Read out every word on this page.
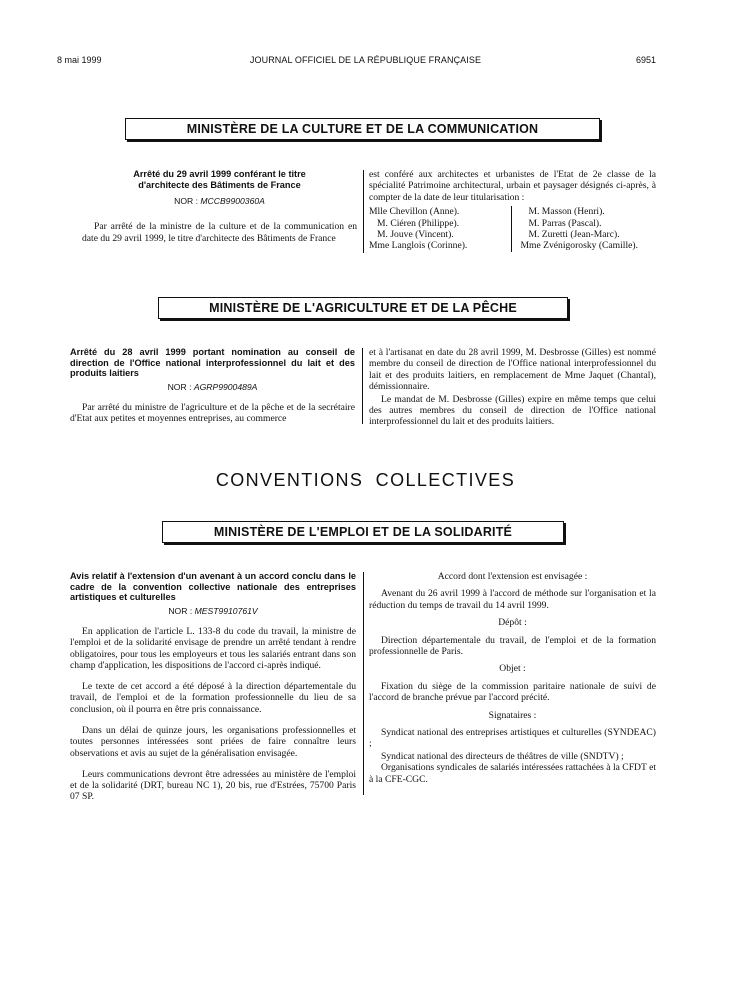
8 mai 1999	JOURNAL OFFICIEL DE LA RÉPUBLIQUE FRANÇAISE	6951
MINISTÈRE DE LA CULTURE ET DE LA COMMUNICATION
Arrêté du 29 avril 1999 conférant le titre
d'architecte des Bâtiments de France
NOR : MCCB9900360A
Par arrêté de la ministre de la culture et de la communication en date du 29 avril 1999, le titre d'architecte des Bâtiments de France
est conféré aux architectes et urbanistes de l'Etat de 2e classe de la spécialité Patrimoine architectural, urbain et paysager désignés ci-après, à compter de la date de leur titularisation :
Mlle Chevillon (Anne).
M. Ciéren (Philippe).
M. Jouve (Vincent).
Mme Langlois (Corinne).
M. Masson (Henri).
M. Parras (Pascal).
M. Zuretti (Jean-Marc).
Mme Zvénigorosky (Camille).
MINISTÈRE DE L'AGRICULTURE ET DE LA PÊCHE
Arrêté du 28 avril 1999 portant nomination au conseil de direction de l'Office national interprofessionnel du lait et des produits laitiers
NOR : AGRP9900489A
Par arrêté du ministre de l'agriculture et de la pêche et de la secrétaire d'Etat aux petites et moyennes entreprises, au commerce
et à l'artisanat en date du 28 avril 1999, M. Desbrosse (Gilles) est nommé membre du conseil de direction de l'Office national interprofessionnel du lait et des produits laitiers, en remplacement de Mme Jaquet (Chantal), démissionnaire.
Le mandat de M. Desbrosse (Gilles) expire en même temps que celui des autres membres du conseil de direction de l'Office national interprofessionnel du lait et des produits laitiers.
CONVENTIONS COLLECTIVES
MINISTÈRE DE L'EMPLOI ET DE LA SOLIDARITÉ
Avis relatif à l'extension d'un avenant à un accord conclu dans le cadre de la convention collective nationale des entreprises artistiques et culturelles
NOR : MEST9910761V

En application de l'article L. 133-8 du code du travail, la ministre de l'emploi et de la solidarité envisage de prendre un arrêté tendant à rendre obligatoires, pour tous les employeurs et tous les salariés entrant dans son champ d'application, les dispositions de l'accord ci-après indiqué.

Le texte de cet accord a été déposé à la direction départementale du travail, de l'emploi et de la formation professionnelle du lieu de sa conclusion, où il pourra en être pris connaissance.

Dans un délai de quinze jours, les organisations professionnelles et toutes personnes intéressées sont priées de faire connaître leurs observations et avis au sujet de la généralisation envisagée.

Leurs communications devront être adressées au ministère de l'emploi et de la solidarité (DRT, bureau NC 1), 20 bis, rue d'Estrées, 75700 Paris 07 SP.

Accord dont l'extension est envisagée :
Avenant du 26 avril 1999 à l'accord de méthode sur l'organisation et la réduction du temps de travail du 14 avril 1999.
Dépôt :
Direction départementale du travail, de l'emploi et de la formation professionnelle de Paris.
Objet :
Fixation du siège de la commission paritaire nationale de suivi de l'accord de branche prévue par l'accord précité.
Signataires :
Syndicat national des entreprises artistiques et culturelles (SYNDEAC) ;
Syndicat national des directeurs de théâtres de ville (SNDTV) ;
Organisations syndicales de salariés intéressées rattachées à la CFDT et à la CFE-CGC.
